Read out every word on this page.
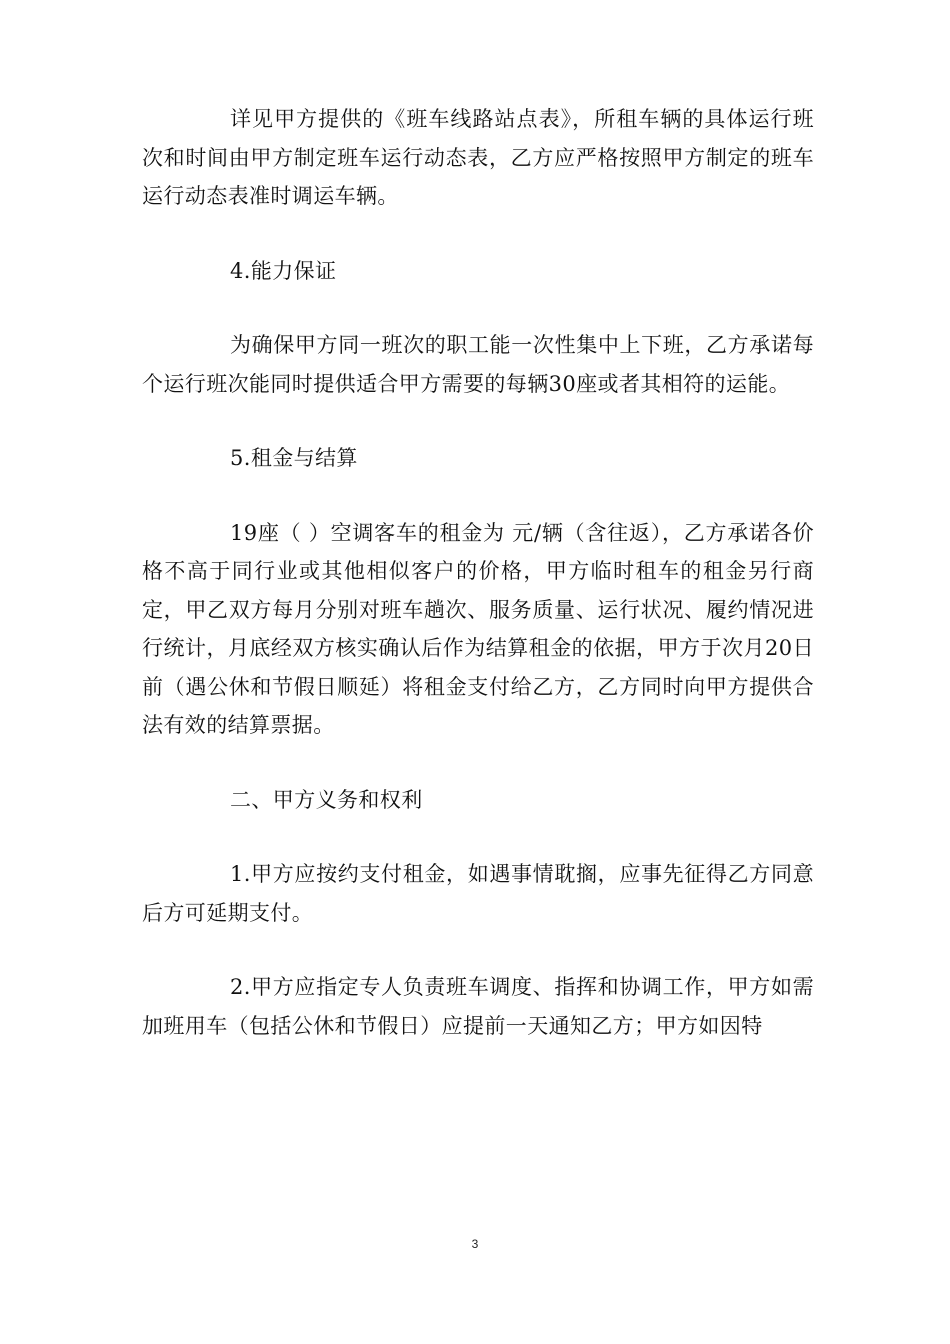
详见甲方提供的《班车线路站点表》，所租车辆的具体运行班次和时间由甲方制定班车运行动态表，乙方应严格按照甲方制定的班车运行动态表准时调运车辆。

4.能力保证

为确保甲方同一班次的职工能一次性集中上下班，乙方承诺每个运行班次能同时提供适合甲方需要的每辆30座或者其相符的运能。

5.租金与结算

19座（ ）空调客车的租金为 元/辆（含往返），乙方承诺各价格不高于同行业或其他相似客户的价格，甲方临时租车的租金另行商定，甲乙双方每月分别对班车趟次、服务质量、运行状况、履约情况进行统计，月底经双方核实确认后作为结算租金的依据，甲方于次月20日前（遇公休和节假日顺延）将租金支付给乙方，乙方同时向甲方提供合法有效的结算票据。

二、甲方义务和权利

1.甲方应按约支付租金，如遇事情耽搁，应事先征得乙方同意后方可延期支付。

2.甲方应指定专人负责班车调度、指挥和协调工作，甲方如需加班用车（包括公休和节假日）应提前一天通知乙方；甲方如因特

3
